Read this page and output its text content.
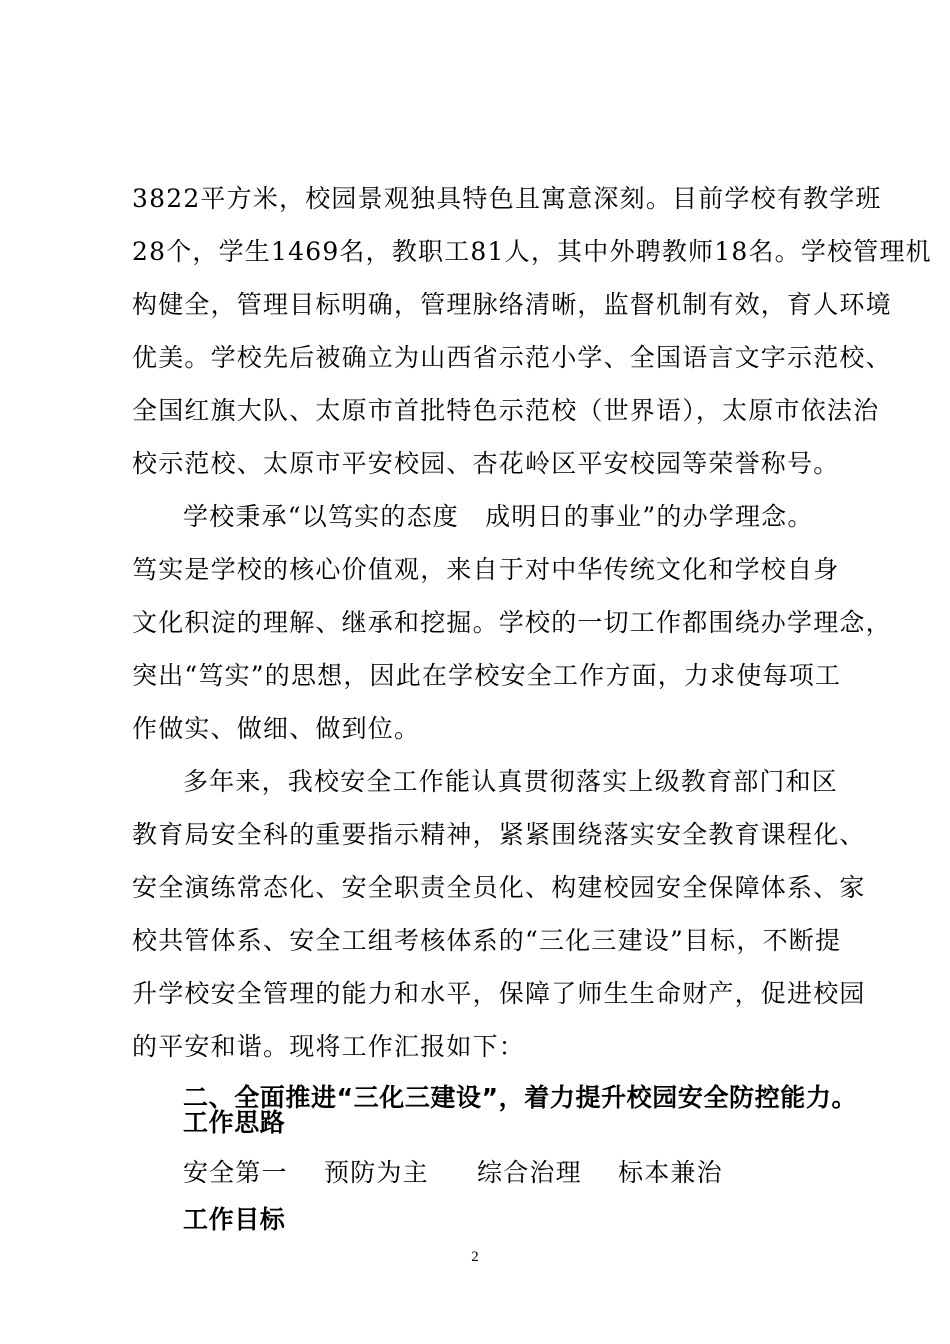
3822平方米，校园景观独具特色且寓意深刻。目前学校有教学班
28个，学生1469名，教职工81人，其中外聘教师18名。学校管理机
构健全，管理目标明确，管理脉络清晰，监督机制有效，育人环境
优美。学校先后被确立为山西省示范小学、全国语言文字示范校、
全国红旗大队、太原市首批特色示范校（世界语），太原市依法治
校示范校、太原市平安校园、杏花岭区平安校园等荣誉称号。
学校秉承“以笃实的态度　成明日的事业”的办学理念。
笃实是学校的核心价值观，来自于对中华传统文化和学校自身
文化积淀的理解、继承和挖掘。学校的一切工作都围绕办学理念，
突出“笃实”的思想，因此在学校安全工作方面，力求使每项工
作做实、做细、做到位。
多年来，我校安全工作能认真贯彻落实上级教育部门和区
教育局安全科的重要指示精神，紧紧围绕落实安全教育课程化、
安全演练常态化、安全职责全员化、构建校园安全保障体系、家
校共管体系、安全工组考核体系的“三化三建设”目标，不断提
升学校安全管理的能力和水平，保障了师生生命财产，促进校园
的平安和谐。现将工作汇报如下：
二、全面推进“三化三建设”，着力提升校园安全防控能力。
工作思路
安全第一 预防为主 综合治理 标本兼治
工作目标
2
